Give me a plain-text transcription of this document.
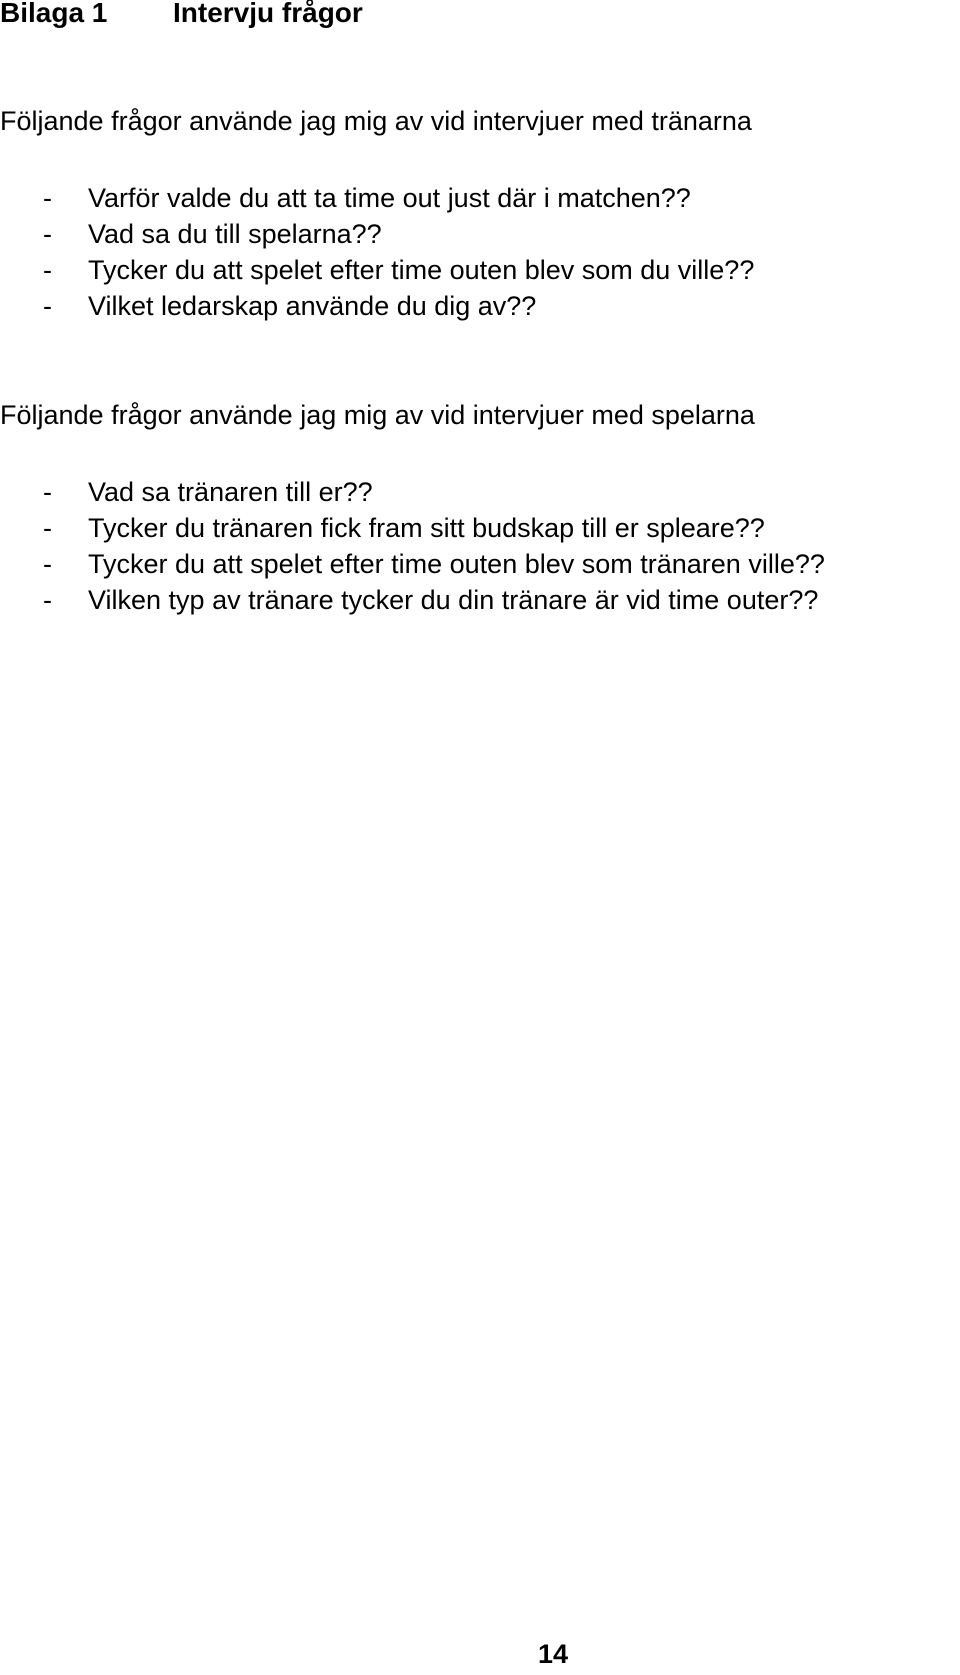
Bilaga 1 Intervju frågor
Följande frågor använde jag mig av vid intervjuer med tränarna
- Varför valde du att ta time out just där i matchen??
- Vad sa du till spelarna??
- Tycker du att spelet efter time outen blev som du ville??
- Vilket ledarskap använde du dig av??
Följande frågor använde jag mig av vid intervjuer med spelarna
- Vad sa tränaren till er??
- Tycker du tränaren fick fram sitt budskap till er spleare??
- Tycker du att spelet efter time outen blev som tränaren ville??
- Vilken typ av tränare tycker du din tränare är vid time outer??
14
